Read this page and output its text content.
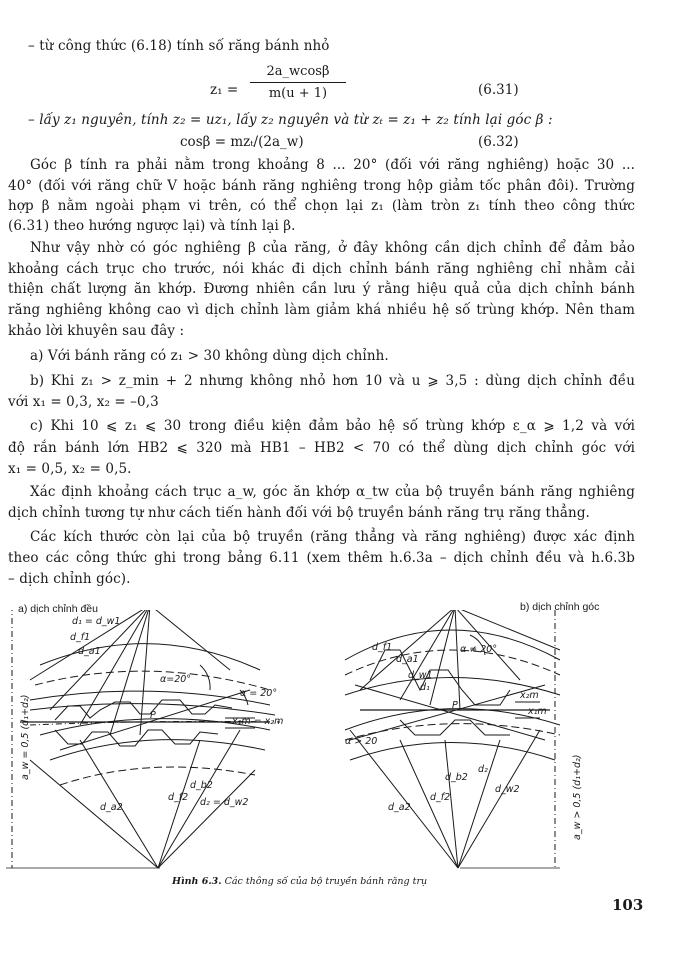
– từ công thức (6.18) tính số răng bánh nhỏ
z₁ =
2a_wcosβ
m(u + 1)	(6.31)
– lấy z₁ nguyên, tính z₂ = uz₁, lấy z₂ nguyên và từ zₜ = z₁ + z₂ tính lại góc β :
cosβ = mzₜ/(2a_w)	(6.32)
Góc β tính ra phải nằm trong khoảng 8 ... 20° (đối với răng nghiêng) hoặc 30 ...
40° (đối với răng chữ V hoặc bánh răng nghiêng trong hộp giảm tốc phân đôi). Trường
hợp β nằm ngoài phạm vi trên, có thể chọn lại z₁ (làm tròn z₁ tính theo công thức
(6.31) theo hướng ngược lại) và tính lại β.
Như vậy nhờ có góc nghiêng β của răng, ở đây không cần dịch chỉnh để đảm bảo
khoảng cách trục cho trước, nói khác đi dịch chỉnh bánh răng nghiêng chỉ nhằm cải
thiện chất lượng ăn khớp. Đương nhiên cần lưu ý rằng hiệu quả của dịch chỉnh bánh
răng nghiêng không cao vì dịch chỉnh làm giảm khá nhiều hệ số trùng khớp. Nên tham
khảo lời khuyên sau đây :
a) Với bánh răng có z₁ > 30 không dùng dịch chỉnh.
b) Khi z₁ > z_min + 2 nhưng không nhỏ hơn 10 và u ⩾ 3,5 : dùng dịch chỉnh đều
với x₁ = 0,3, x₂ = –0,3
c) Khi 10 ⩽ z₁ ⩽ 30 trong điều kiện đảm bảo hệ số trùng khớp ε_α ⩾ 1,2 và với
độ rắn bánh lớn HB2 ⩽ 320 mà HB1 – HB2 < 70 có thể dùng dịch chỉnh góc với
x₁ = 0,5, x₂ = 0,5.
Xác định khoảng cách trục a_w, góc ăn khớp α_tw của bộ truyền bánh răng nghiêng
dịch chỉnh tương tự như cách tiến hành đối với bộ truyền bánh răng trụ răng thẳng.
Các kích thước còn lại của bộ truyền (răng thẳng và răng nghiêng) được xác định
theo các công thức ghi trong bảng 6.11 (xem thêm h.6.3a – dịch chỉnh đều và h.6.3b
– dịch chỉnh góc).
a) dịch chỉnh đều	b) dịch chỉnh góc
d₁ = d_w1
d_f1
d_a1
α=20°
α = 20°
P
x₁m = x₂m
a_w = 0,5 (d₁+d₂)
d_a2
d_f2
d_b2
d₂ = d_w2
d_f1
d_a1
d_w1
d₁
α ≠ 20°
P
α > 20
x₂m
x₁m
a_w > 0,5 (d₁+d₂)
d_b2
d₂
d_w2
d_f2
d_a2
Hình 6.3. Các thông số của bộ truyền bánh răng trụ
103
